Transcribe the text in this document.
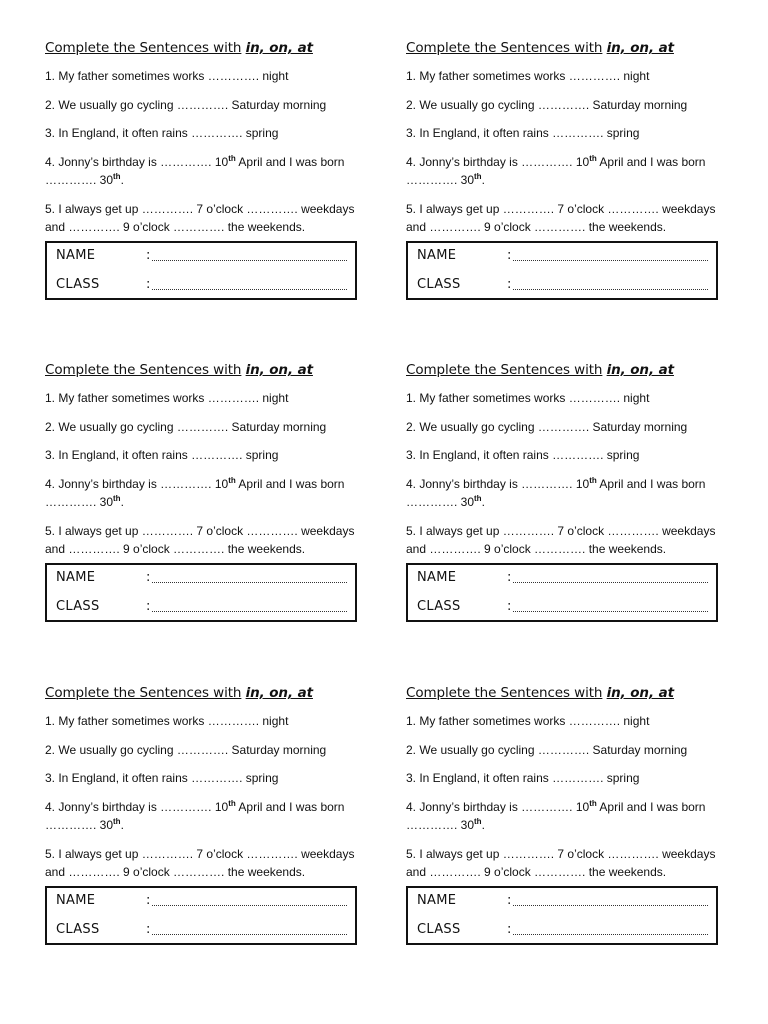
Complete the Sentences with in, on, at
1. My father sometimes works …………. night
2. We usually go cycling …………. Saturday morning
3. In England, it often rains …………. spring
4. Jonny’s birthday is …………. 10th April and I was born …………. 30th.
5. I always get up …………. 7 o’clock …………. weekdays and …………. 9 o’clock …………. the weekends.
NAME	:
CLASS	:
Complete the Sentences with in, on, at
1. My father sometimes works …………. night
2. We usually go cycling …………. Saturday morning
3. In England, it often rains …………. spring
4. Jonny’s birthday is …………. 10th April and I was born …………. 30th.
5. I always get up …………. 7 o’clock …………. weekdays and …………. 9 o’clock …………. the weekends.
NAME	:
CLASS	:
Complete the Sentences with in, on, at
1. My father sometimes works …………. night
2. We usually go cycling …………. Saturday morning
3. In England, it often rains …………. spring
4. Jonny’s birthday is …………. 10th April and I was born …………. 30th.
5. I always get up …………. 7 o’clock …………. weekdays and …………. 9 o’clock …………. the weekends.
NAME	:
CLASS	:
Complete the Sentences with in, on, at
1. My father sometimes works …………. night
2. We usually go cycling …………. Saturday morning
3. In England, it often rains …………. spring
4. Jonny’s birthday is …………. 10th April and I was born …………. 30th.
5. I always get up …………. 7 o’clock …………. weekdays and …………. 9 o’clock …………. the weekends.
NAME	:
CLASS	:
Complete the Sentences with in, on, at
1. My father sometimes works …………. night
2. We usually go cycling …………. Saturday morning
3. In England, it often rains …………. spring
4. Jonny’s birthday is …………. 10th April and I was born …………. 30th.
5. I always get up …………. 7 o’clock …………. weekdays and …………. 9 o’clock …………. the weekends.
NAME	:
CLASS	:
Complete the Sentences with in, on, at
1. My father sometimes works …………. night
2. We usually go cycling …………. Saturday morning
3. In England, it often rains …………. spring
4. Jonny’s birthday is …………. 10th April and I was born …………. 30th.
5. I always get up …………. 7 o’clock …………. weekdays and …………. 9 o’clock …………. the weekends.
NAME	:
CLASS	:
